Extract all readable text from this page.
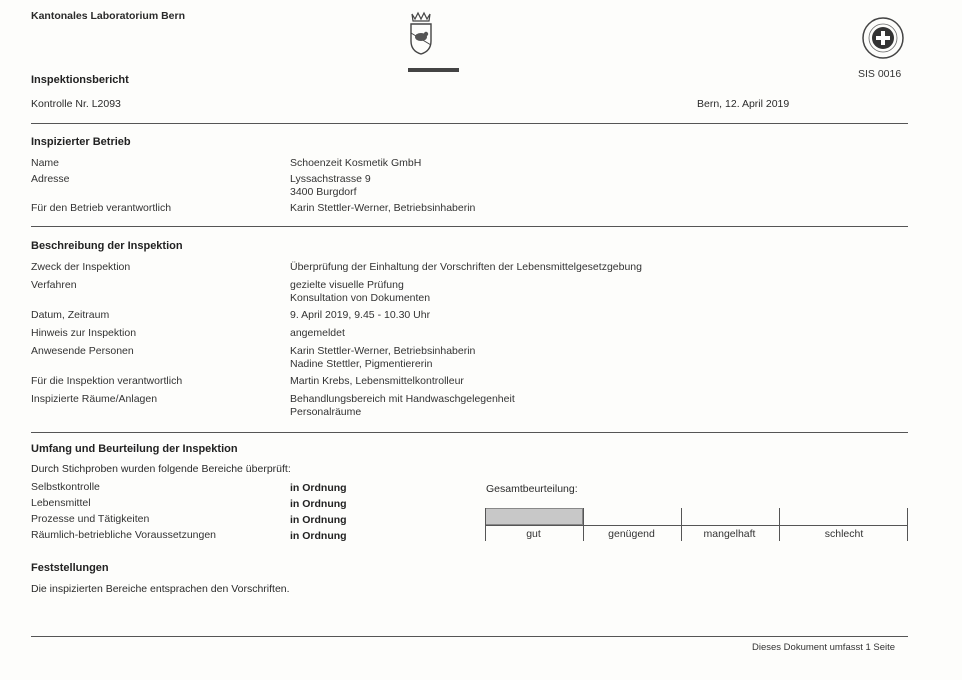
Kantonales Laboratorium Bern
SIS 0016
Inspektionsbericht
Kontrolle Nr. L2093	Bern, 12. April 2019
Inspizierter Betrieb
Name	Schoenzeit Kosmetik GmbH
Adresse	Lyssachstrasse 9
3400 Burgdorf
Für den Betrieb verantwortlich	Karin Stettler-Werner, Betriebsinhaberin
Beschreibung der Inspektion
Zweck der Inspektion	Überprüfung der Einhaltung der Vorschriften der Lebensmittelgesetzgebung
Verfahren	gezielte visuelle Prüfung
Konsultation von Dokumenten
Datum, Zeitraum	9. April 2019, 9.45 - 10.30 Uhr
Hinweis zur Inspektion	angemeldet
Anwesende Personen	Karin Stettler-Werner, Betriebsinhaberin
Nadine Stettler, Pigmentiererin
Für die Inspektion verantwortlich	Martin Krebs, Lebensmittelkontrolleur
Inspizierte Räume/Anlagen	Behandlungsbereich mit Handwaschgelegenheit
Personalräume
Umfang und Beurteilung der Inspektion
Durch Stichproben wurden folgende Bereiche überprüft:
Selbstkontrolle	in Ordnung
Lebensmittel	in Ordnung
Prozesse und Tätigkeiten	in Ordnung
Räumlich-betriebliche Voraussetzungen	in Ordnung
Gesamtbeurteilung:
gut	genügend	mangelhaft	schlecht
Feststellungen
Die inspizierten Bereiche entsprachen den Vorschriften.
Dieses Dokument umfasst 1 Seite
